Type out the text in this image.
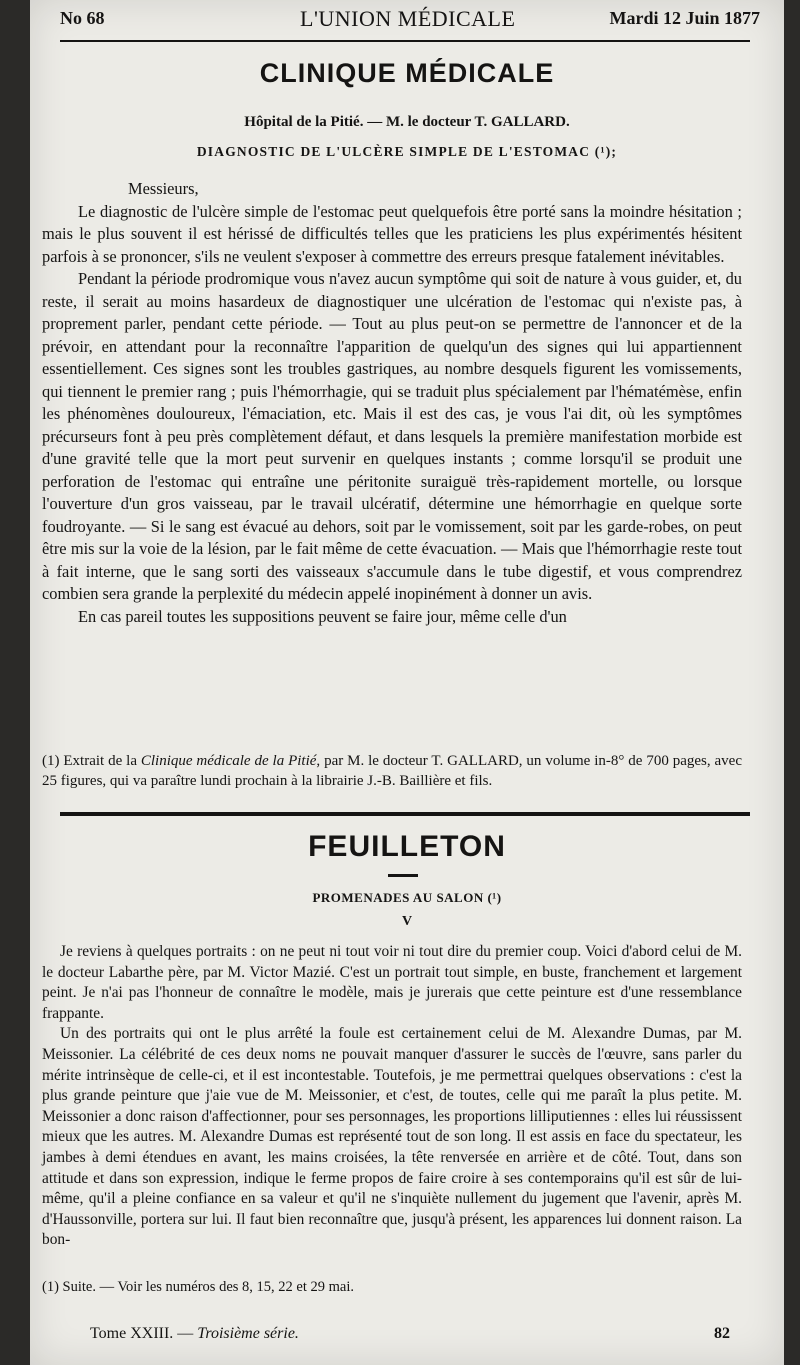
No 68	L'UNION MÉDICALE	Mardi 12 Juin 1877
CLINIQUE MÉDICALE
Hôpital de la Pitié. — M. le docteur T. GALLARD.
DIAGNOSTIC DE L'ULCÈRE SIMPLE DE L'ESTOMAC (¹);

Messieurs,

Le diagnostic de l'ulcère simple de l'estomac peut quelquefois être porté sans la moindre hésitation ; mais le plus souvent il est hérissé de difficultés telles que les praticiens les plus expérimentés hésitent parfois à se prononcer, s'ils ne veulent s'exposer à commettre des erreurs presque fatalement inévitables.

Pendant la période prodromique vous n'avez aucun symptôme qui soit de nature à vous guider, et, du reste, il serait au moins hasardeux de diagnostiquer une ulcération de l'estomac qui n'existe pas, à proprement parler, pendant cette période. — Tout au plus peut-on se permettre de l'annoncer et de la prévoir, en attendant pour la reconnaître l'apparition de quelqu'un des signes qui lui appartiennent essentiellement. Ces signes sont les troubles gastriques, au nombre desquels figurent les vomissements, qui tiennent le premier rang ; puis l'hémorrhagie, qui se traduit plus spécialement par l'hématémèse, enfin les phénomènes douloureux, l'émaciation, etc. Mais il est des cas, je vous l'ai dit, où les symptômes précurseurs font à peu près complètement défaut, et dans lesquels la première manifestation morbide est d'une gravité telle que la mort peut survenir en quelques instants ; comme lorsqu'il se produit une perforation de l'estomac qui entraîne une péritonite suraiguë très-rapidement mortelle, ou lorsque l'ouverture d'un gros vaisseau, par le travail ulcératif, détermine une hémorrhagie en quelque sorte foudroyante. — Si le sang est évacué au dehors, soit par le vomissement, soit par les garde-robes, on peut être mis sur la voie de la lésion, par le fait même de cette évacuation. — Mais que l'hémorrhagie reste tout à fait interne, que le sang sorti des vaisseaux s'accumule dans le tube digestif, et vous comprendrez combien sera grande la perplexité du médecin appelé inopinément à donner un avis.

En cas pareil toutes les suppositions peuvent se faire jour, même celle d'un

(1) Extrait de la Clinique médicale de la Pitié, par M. le docteur T. GALLARD, un volume in-8° de 700 pages, avec 25 figures, qui va paraître lundi prochain à la librairie J.-B. Baillière et fils.
FEUILLETON
PROMENADES AU SALON (¹)
V

Je reviens à quelques portraits : on ne peut ni tout voir ni tout dire du premier coup. Voici d'abord celui de M. le docteur Labarthe père, par M. Victor Mazié. C'est un portrait tout simple, en buste, franchement et largement peint. Je n'ai pas l'honneur de connaître le modèle, mais je jurerais que cette peinture est d'une ressemblance frappante.

Un des portraits qui ont le plus arrêté la foule est certainement celui de M. Alexandre Dumas, par M. Meissonier. La célébrité de ces deux noms ne pouvait manquer d'assurer le succès de l'œuvre, sans parler du mérite intrinsèque de celle-ci, et il est incontestable. Toutefois, je me permettrai quelques observations : c'est la plus grande peinture que j'aie vue de M. Meissonier, et c'est, de toutes, celle qui me paraît la plus petite. M. Meissonier a donc raison d'affectionner, pour ses personnages, les proportions lilliputiennes : elles lui réussissent mieux que les autres. M. Alexandre Dumas est représenté tout de son long. Il est assis en face du spectateur, les jambes à demi étendues en avant, les mains croisées, la tête renversée en arrière et de côté. Tout, dans son attitude et dans son expression, indique le ferme propos de faire croire à ses contemporains qu'il est sûr de lui-même, qu'il a pleine confiance en sa valeur et qu'il ne s'inquiète nullement du jugement que l'avenir, après M. d'Haussonville, portera sur lui. Il faut bien reconnaître que, jusqu'à présent, les apparences lui donnent raison. La bon-

(1) Suite. — Voir les numéros des 8, 15, 22 et 29 mai.
Tome XXIII. — Troisième série.	82
